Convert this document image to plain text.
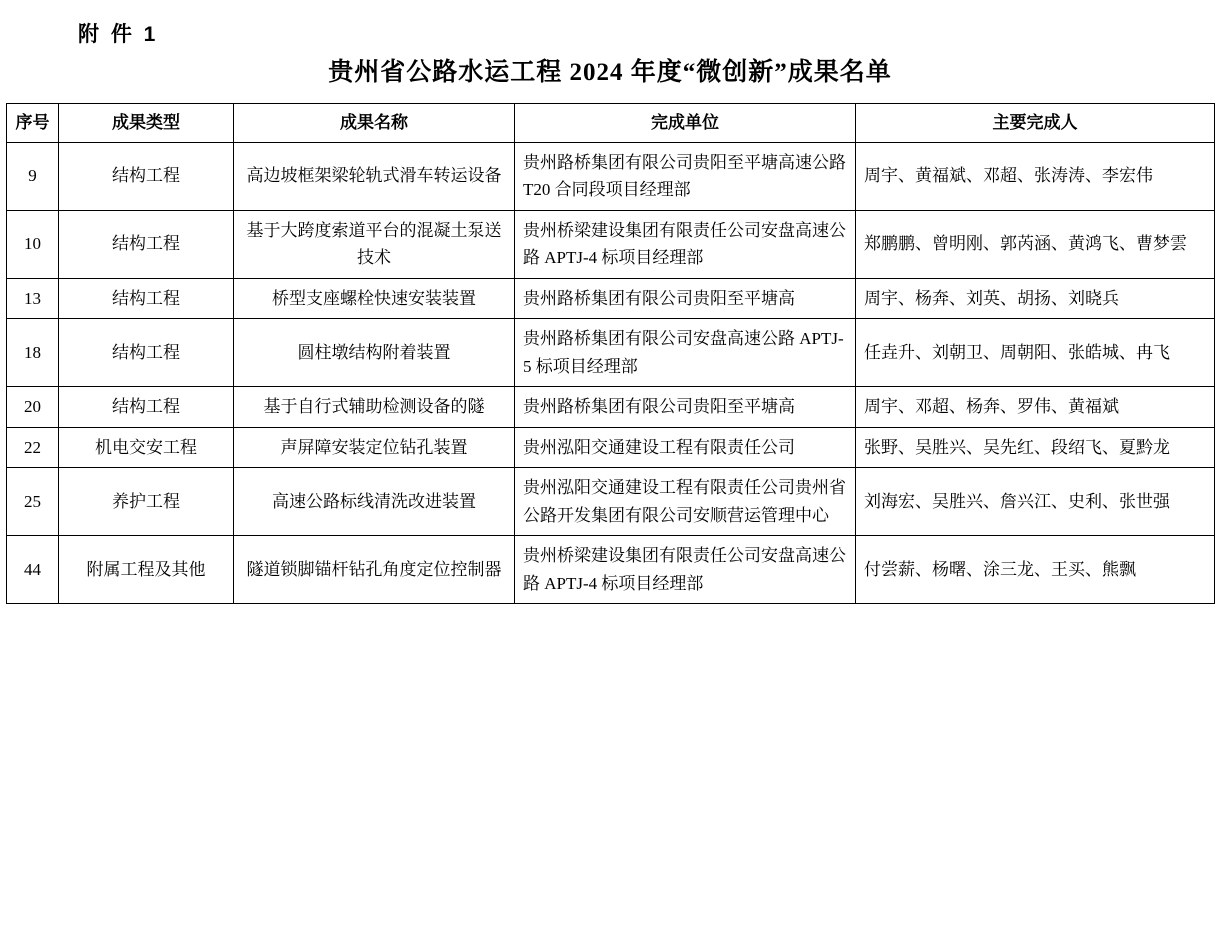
附 件 1
贵州省公路水运工程 2024 年度“微创新”成果名单
序号	成果类型	成果名称	完成单位	主要完成人
9	结构工程	高边坡框架梁轮轨式滑车转运设备	贵州路桥集团有限公司贵阳至平塘高速公路 T20 合同段项目经理部	周宇、黄福斌、邓超、张涛涛、李宏伟
10	结构工程	基于大跨度索道平台的混凝土泵送技术	贵州桥梁建设集团有限责任公司安盘高速公路 APTJ-4 标项目经理部	郑鹏鹏、曾明刚、郭芮涵、黄鸿飞、曹梦雲
13	结构工程	桥型支座螺栓快速安装装置	贵州路桥集团有限公司贵阳至平塘高	周宇、杨奔、刘英、胡扬、刘晓兵
18	结构工程	圆柱墩结构附着装置	贵州路桥集团有限公司安盘高速公路 APTJ-5 标项目经理部	任垚升、刘朝卫、周朝阳、张皓城、冉飞
20	结构工程	基于自行式辅助检测设备的隧	贵州路桥集团有限公司贵阳至平塘高	周宇、邓超、杨奔、罗伟、黄福斌
22	机电交安工程	声屏障安装定位钻孔装置	贵州泓阳交通建设工程有限责任公司	张野、吴胜兴、吴先红、段绍飞、夏黔龙
25	养护工程	高速公路标线清洗改进装置	贵州泓阳交通建设工程有限责任公司贵州省公路开发集团有限公司安顺营运管理中心	刘海宏、吴胜兴、詹兴江、史利、张世强
44	附属工程及其他	隧道锁脚锚杆钻孔角度定位控制器	贵州桥梁建设集团有限责任公司安盘高速公路 APTJ-4 标项目经理部	付尝薪、杨曙、涂三龙、王买、熊飘
